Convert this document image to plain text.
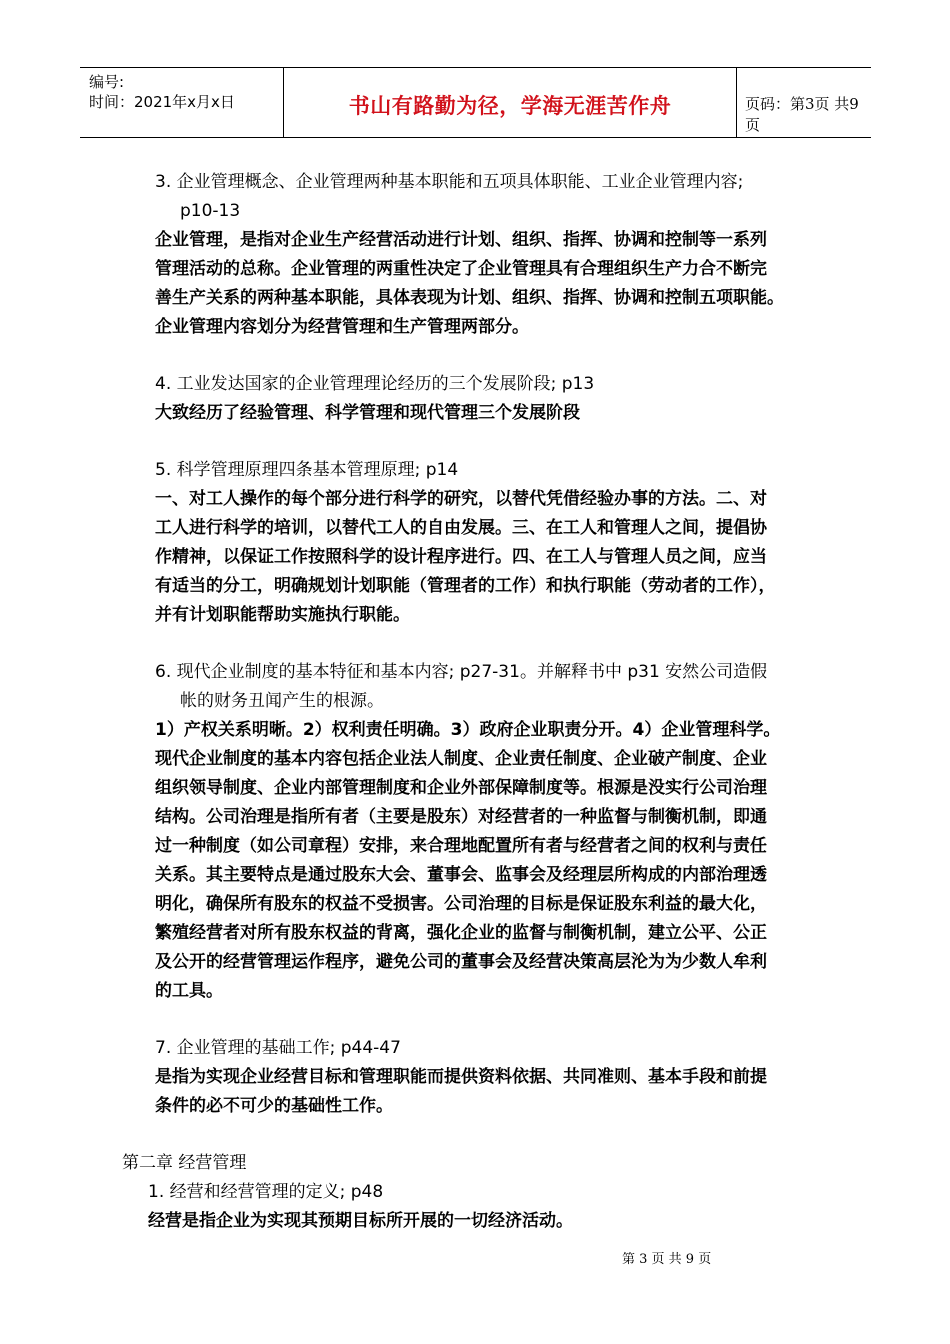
编号:
时间：2021年x月x日	书山有路勤为径，学海无涯苦作舟	页码：第3页 共9页
3. 企业管理概念、企业管理两种基本职能和五项具体职能、工业企业管理内容;
p10-13
企业管理，是指对企业生产经营活动进行计划、组织、指挥、协调和控制等一系列
管理活动的总称。企业管理的两重性决定了企业管理具有合理组织生产力合不断完
善生产关系的两种基本职能，具体表现为计划、组织、指挥、协调和控制五项职能。
企业管理内容划分为经营管理和生产管理两部分。
4. 工业发达国家的企业管理理论经历的三个发展阶段; p13
大致经历了经验管理、科学管理和现代管理三个发展阶段
5. 科学管理原理四条基本管理原理; p14
一、对工人操作的每个部分进行科学的研究，以替代凭借经验办事的方法。二、对
工人进行科学的培训，以替代工人的自由发展。三、在工人和管理人之间，提倡协
作精神，以保证工作按照科学的设计程序进行。四、在工人与管理人员之间，应当
有适当的分工，明确规划计划职能（管理者的工作）和执行职能（劳动者的工作），
并有计划职能帮助实施执行职能。
6. 现代企业制度的基本特征和基本内容; p27-31。并解释书中 p31 安然公司造假
帐的财务丑闻产生的根源。
1）产权关系明晰。2）权利责任明确。3）政府企业职责分开。4）企业管理科学。
现代企业制度的基本内容包括企业法人制度、企业责任制度、企业破产制度、企业
组织领导制度、企业内部管理制度和企业外部保障制度等。根源是没实行公司治理
结构。公司治理是指所有者（主要是股东）对经营者的一种监督与制衡机制，即通
过一种制度（如公司章程）安排，来合理地配置所有者与经营者之间的权利与责任
关系。其主要特点是通过股东大会、董事会、监事会及经理层所构成的内部治理透
明化，确保所有股东的权益不受损害。公司治理的目标是保证股东利益的最大化，
繁殖经营者对所有股东权益的背离，强化企业的监督与制衡机制，建立公平、公正
及公开的经营管理运作程序，避免公司的董事会及经营决策高层沦为为少数人牟利
的工具。
7. 企业管理的基础工作; p44-47
是指为实现企业经营目标和管理职能而提供资料依据、共同准则、基本手段和前提
条件的必不可少的基础性工作。
第二章 经营管理
1. 经营和经营管理的定义; p48
经营是指企业为实现其预期目标所开展的一切经济活动。
第 3 页 共 9 页
